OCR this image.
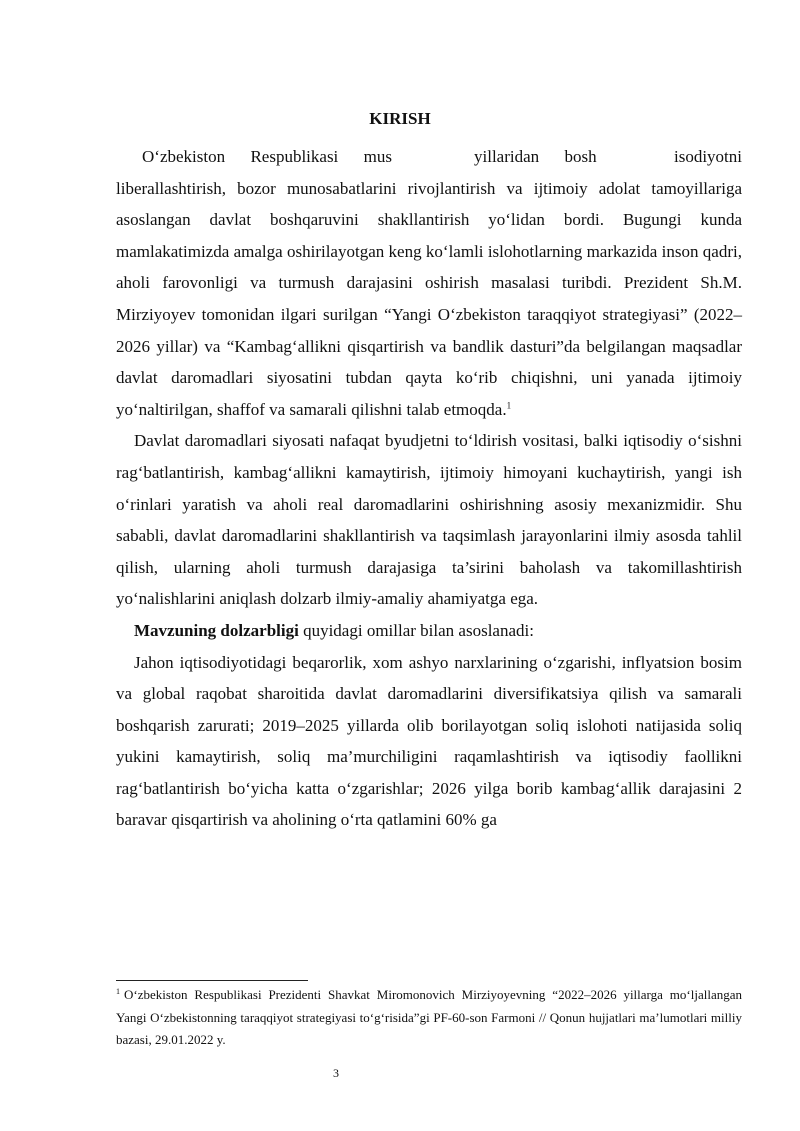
KIRISH

O‘zbekiston Respublikasi mus	yillaridan bosh	isodiyotni liberallashtirish, bozor munosabatlarini rivojlantirish va ijtimoiy adolat tamoyillariga asoslangan davlat boshqaruvini shakllantirish yo‘lidan bordi. Bugungi kunda mamlakatimizda amalga oshirilayotgan keng ko‘lamli islohotlarning markazida inson qadri, aholi farovonligi va turmush darajasini oshirish masalasi turibdi. Prezident Sh.M. Mirziyoyev tomonidan ilgari surilgan “Yangi O‘zbekiston taraqqiyot strategiyasi” (2022–2026 yillar) va “Kambag‘allikni qisqartirish va bandlik dasturi”da belgilangan maqsadlar davlat daromadlari siyosatini tubdan qayta ko‘rib chiqishni, uni yanada ijtimoiy yo‘naltirilgan, shaffof va samarali qilishni talab etmoqda.$^1$

Davlat daromadlari siyosati nafaqat byudjetni to‘ldirish vositasi, balki iqtisodiy o‘sishni rag‘batlantirish, kambag‘allikni kamaytirish, ijtimoiy himoyani kuchaytirish, yangi ish o‘rinlari yaratish va aholi real daromadlarini oshirishning asosiy mexanizmidir. Shu sababli, davlat daromadlarini shakllantirish va taqsimlash jarayonlarini ilmiy asosda tahlil qilish, ularning aholi turmush darajasiga ta’sirini baholash va takomillashtirish yo‘nalishlarini aniqlash dolzarb ilmiy-amaliy ahamiyatga ega.

Mavzuning dolzarbligi quyidagi omillar bilan asoslanadi:

Jahon iqtisodiyotidagi beqarorlik, xom ashyo narxlarining o‘zgarishi, inflyatsion bosim va global raqobat sharoitida davlat daromadlarini diversifikatsiya qilish va samarali boshqarish zarurati; 2019–2025 yillarda olib borilayotgan soliq islohoti natijasida soliq yukini kamaytirish, soliq ma’murchiligini raqamlashtirish va iqtisodiy faollikni rag‘batlantirish bo‘yicha katta o‘zgarishlar; 2026 yilga borib kambag‘allik darajasini 2 baravar qisqartirish va aholining o‘rta qatlamini 60% ga

$^1$ O‘zbekiston Respublikasi Prezidenti Shavkat Miromonovich Mirziyoyevning “2022–2026 yillarga mo‘ljallangan Yangi O‘zbekistonning taraqqiyot strategiyasi to‘g‘risida”gi PF-60-son Farmoni // Qonun hujjatlari ma’lumotlari milliy bazasi, 29.01.2022 y.
3
